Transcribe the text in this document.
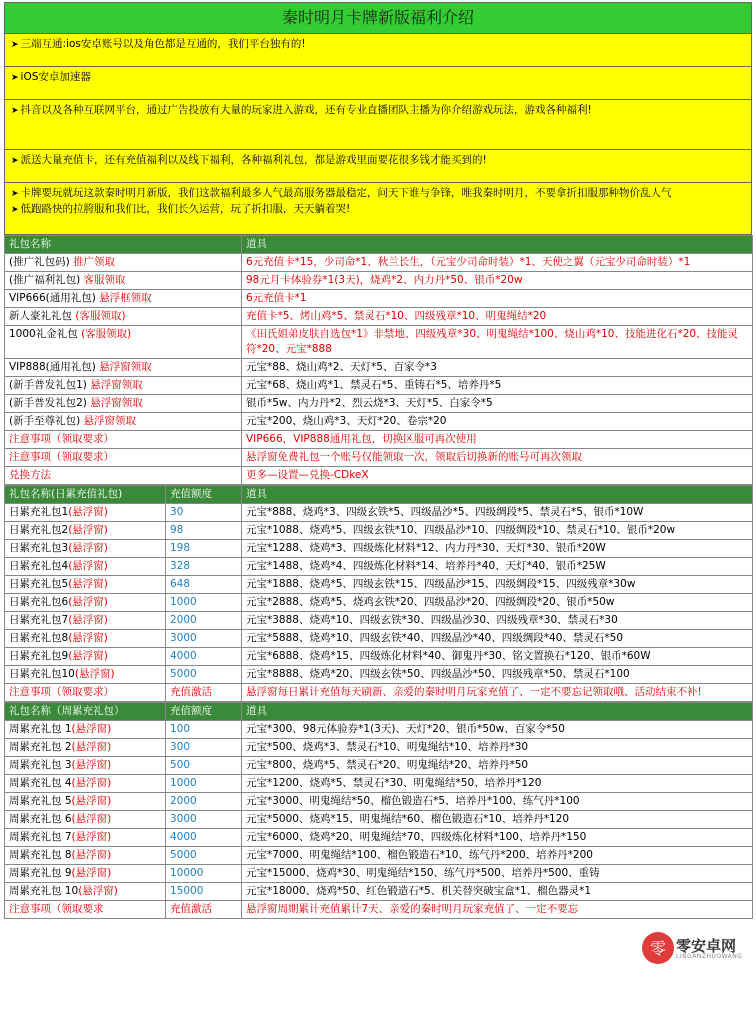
秦时明月卡牌新版福利介绍
➤ 三端互通:ios安卓账号以及角色都是互通的，我们平台独有的!
➤ iOS安卓加速器
➤ 抖音以及各种互联网平台，通过广告投放有大量的玩家进入游戏，还有专业直播团队主播为你介绍游戏玩法，游戏各种福利!
➤ 派送大量充值卡，还有充值福利以及线下福利，各种福利礼包，都是游戏里面要花很多钱才能买到的!
➤ 卡牌要玩就玩这款秦时明月新版，我们这款福利最多人气最高服务器最稳定，问天下谁与争锋，唯我秦时明月，不要拿折扣服那种物价乱人气
➤ 低跑路快的拉胯服和我们比，我们长久运营，玩了折扣服，天天躺着哭!
礼包名称	道具
(推广礼包码) 推广领取	6元充值卡*15，少司命*1、秋兰长生，（元宝少司命时装）*1、天使之翼（元宝少司命时装）*1
(推广福利礼包) 客服领取	98元月卡体验券*1(3天)，烧鸡*2、内力丹*50、银币*20w
VIP666(通用礼包) 悬浮框领取	6元充值卡*1
新人豪礼礼包 (客服领取)	充值卡*5、烤山鸡*5、禁灵石*10、四级残章*10、明鬼绳结*20
1000礼金礼包 (客服领取)	《田氏姐弟皮肤自选包*1》非禁地、四级残章*30、明鬼绳结*100、烧山鸡*10、技能进化石*20、技能灵符*20、元宝*888
VIP888(通用礼包) 悬浮窗领取	元宝*88、烧山鸡*2、天灯*5、百家令*3
(新手普发礼包1) 悬浮窗领取	元宝*68、烧山鸡*1、禁灵石*5、重铸石*5、培养丹*5
(新手普发礼包2) 悬浮窗领取	银币*5w、内力丹*2、烈云烧*3、天灯*5、白家令*5
(新手至尊礼包) 悬浮窗领取	元宝*200、烧山鸡*3、天灯*20、卷宗*20
注意事项（领取要求）	VIP666，VIP888通用礼包，切换区服可再次使用
注意事项（领取要求）	悬浮窗免费礼包一个账号仅能领取一次，领取后切换新的账号可再次领取
兑换方法	更多—设置—兑换-CDkeX
礼包名称(日累充值礼包)	充值额度	道具
日累充礼包1(悬浮窗)	30	元宝*888、烧鸡*3、四级玄铁*5、四级晶沙*5、四级绸段*5、禁灵石*5、银币*10W
日累充礼包2(悬浮窗)	98	元宝*1088、烧鸡*5、四级玄铁*10、四级晶沙*10、四级绸段*10、禁灵石*10、银币*20w
日累充礼包3(悬浮窗)	198	元宝*1288、烧鸡*3、四级炼化材料*12、内力丹*30、天灯*30、银币*20W
日累充礼包4(悬浮窗)	328	元宝*1488、烧鸡*4、四级炼化材料*14、培养丹*40、天灯*40、银币*25W
日累充礼包5(悬浮窗)	648	元宝*1888、烧鸡*5、四级玄铁*15、四级晶沙*15、四级绸段*15、四级残章*30w
日累充礼包6(悬浮窗)	1000	元宝*2888、烧鸡*5、烧鸡玄铁*20、四级晶沙*20、四级绸段*20、银币*50w
日累充礼包7(悬浮窗)	2000	元宝*3888、烧鸡*10、四级玄铁*30、四级晶沙30、四级残章*30、禁灵石*30
日累充礼包8(悬浮窗)	3000	元宝*5888、烧鸡*10、四级玄铁*40、四级晶沙*40、四级绸段*40、禁灵石*50
日累充礼包9(悬浮窗)	4000	元宝*6888、烧鸡*15、四级炼化材料*40、御鬼丹*30、铭文置换石*120、银币*60W
日累充礼包10(悬浮窗)	5000	元宝*8888、烧鸡*20、四级玄铁*50、四级晶沙*50、四级残章*50、禁灵石*100
注意事项（领取要求）	充值激活	悬浮窗每日累计充值每天刷新、亲爱的秦时明月玩家充值了、一定不要忘记领取哦、活动结束不补!
礼包名称（周累充礼包）	充值额度	道具
周累充礼包 1(悬浮窗)	100	元宝*300、98元体验券*1(3天)、天灯*20、银币*50w、百家令*50
周累充礼包 2(悬浮窗)	300	元宝*500、烧鸡*3、禁灵石*10、明鬼绳结*10、培养丹*30
周累充礼包 3(悬浮窗)	500	元宝*800、烧鸡*5、禁灵石*20、明鬼绳结*20、培养丹*50
周累充礼包 4(悬浮窗)	1000	元宝*1200、烧鸡*5、禁灵石*30、明鬼绳结*50、培养丹*120
周累充礼包 5(悬浮窗)	2000	元宝*3000、明鬼绳结*50、榴色锻造石*5、培养丹*100、练气丹*100
周累充礼包 6(悬浮窗)	3000	元宝*5000、烧鸡*15、明鬼绳结*60、榴色锻造石*10、培养丹*120
周累充礼包 7(悬浮窗)	4000	元宝*6000、烧鸡*20、明鬼绳结*70、四级炼化材料*100、培养丹*150
周累充礼包 8(悬浮窗)	5000	元宝*7000、明鬼绳结*100、榴色锻造石*10、练气丹*200、培养丹*200
周累充礼包 9(悬浮窗)	10000	元宝*15000、烧鸡*30、明鬼绳结*150、练气丹*500、培养丹*500、重铸
周累充礼包 10(悬浮窗)	15000	元宝*18000、烧鸡*50、红色锻造石*5、机关替突破宝盒*1、榴色器灵*1
注意事项（领取要求	充值激活	悬浮窗周期累计充值累计7天、亲爱的秦时明月玩家充值了、一定不要忘
零 零安卓网
LINGANZHUOWANG
